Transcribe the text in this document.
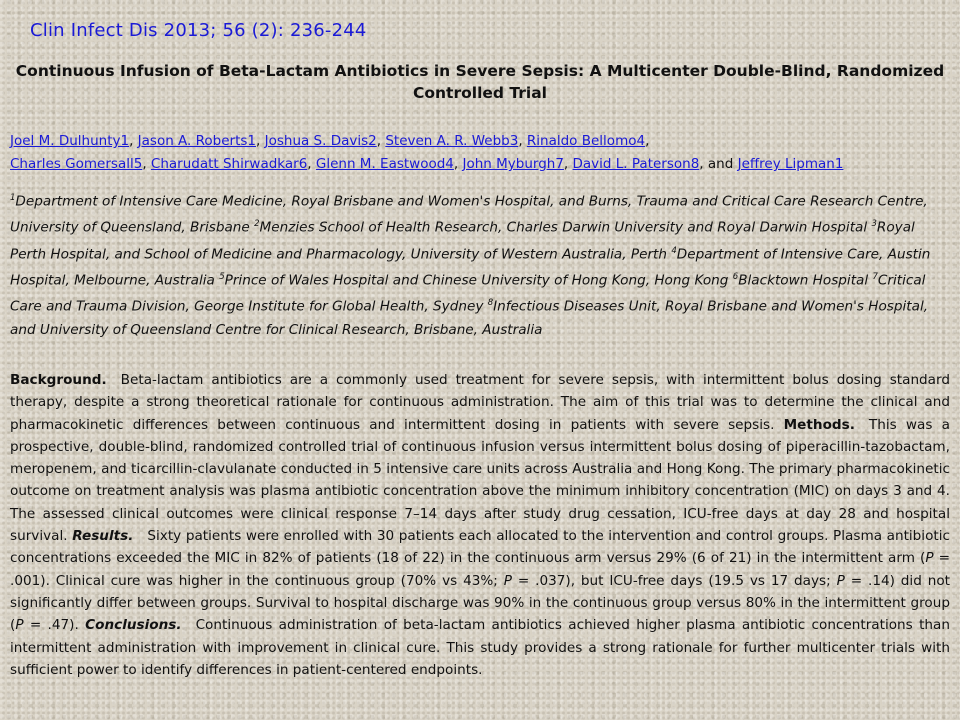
Clin Infect Dis 2013; 56 (2): 236-244
Continuous Infusion of Beta-Lactam Antibiotics in Severe Sepsis: A Multicenter Double-Blind, Randomized Controlled Trial
Joel M. Dulhunty1, Jason A. Roberts1, Joshua S. Davis2, Steven A. R. Webb3, Rinaldo Bellomo4,
Charles Gomersall5, Charudatt Shirwadkar6, Glenn M. Eastwood4, John Myburgh7, David L. Paterson8, and Jeffrey Lipman1
$^1$Department of Intensive Care Medicine, Royal Brisbane and Women's Hospital, and Burns, Trauma and Critical Care Research Centre, University of Queensland, Brisbane $^2$Menzies School of Health Research, Charles Darwin University and Royal Darwin Hospital $^3$Royal Perth Hospital, and School of Medicine and Pharmacology, University of Western Australia, Perth $^4$Department of Intensive Care, Austin Hospital, Melbourne, Australia $^5$Prince of Wales Hospital and Chinese University of Hong Kong, Hong Kong $^6$Blacktown Hospital $^7$Critical Care and Trauma Division, George Institute for Global Health, Sydney $^8$Infectious Diseases Unit, Royal Brisbane and Women's Hospital, and University of Queensland Centre for Clinical Research, Brisbane, Australia
Background. Beta-lactam antibiotics are a commonly used treatment for severe sepsis, with intermittent bolus dosing standard therapy, despite a strong theoretical rationale for continuous administration. The aim of this trial was to determine the clinical and pharmacokinetic differences between continuous and intermittent dosing in patients with severe sepsis. Methods. This was a prospective, double-blind, randomized controlled trial of continuous infusion versus intermittent bolus dosing of piperacillin-tazobactam, meropenem, and ticarcillin-clavulanate conducted in 5 intensive care units across Australia and Hong Kong. The primary pharmacokinetic outcome on treatment analysis was plasma antibiotic concentration above the minimum inhibitory concentration (MIC) on days 3 and 4. The assessed clinical outcomes were clinical response 7–14 days after study drug cessation, ICU-free days at day 28 and hospital survival. Results. Sixty patients were enrolled with 30 patients each allocated to the intervention and control groups. Plasma antibiotic concentrations exceeded the MIC in 82% of patients (18 of 22) in the continuous arm versus 29% (6 of 21) in the intermittent arm (P = .001). Clinical cure was higher in the continuous group (70% vs 43%; P = .037), but ICU-free days (19.5 vs 17 days; P = .14) did not significantly differ between groups. Survival to hospital discharge was 90% in the continuous group versus 80% in the intermittent group (P = .47). Conclusions. Continuous administration of beta-lactam antibiotics achieved higher plasma antibiotic concentrations than intermittent administration with improvement in clinical cure. This study provides a strong rationale for further multicenter trials with sufficient power to identify differences in patient-centered endpoints.
